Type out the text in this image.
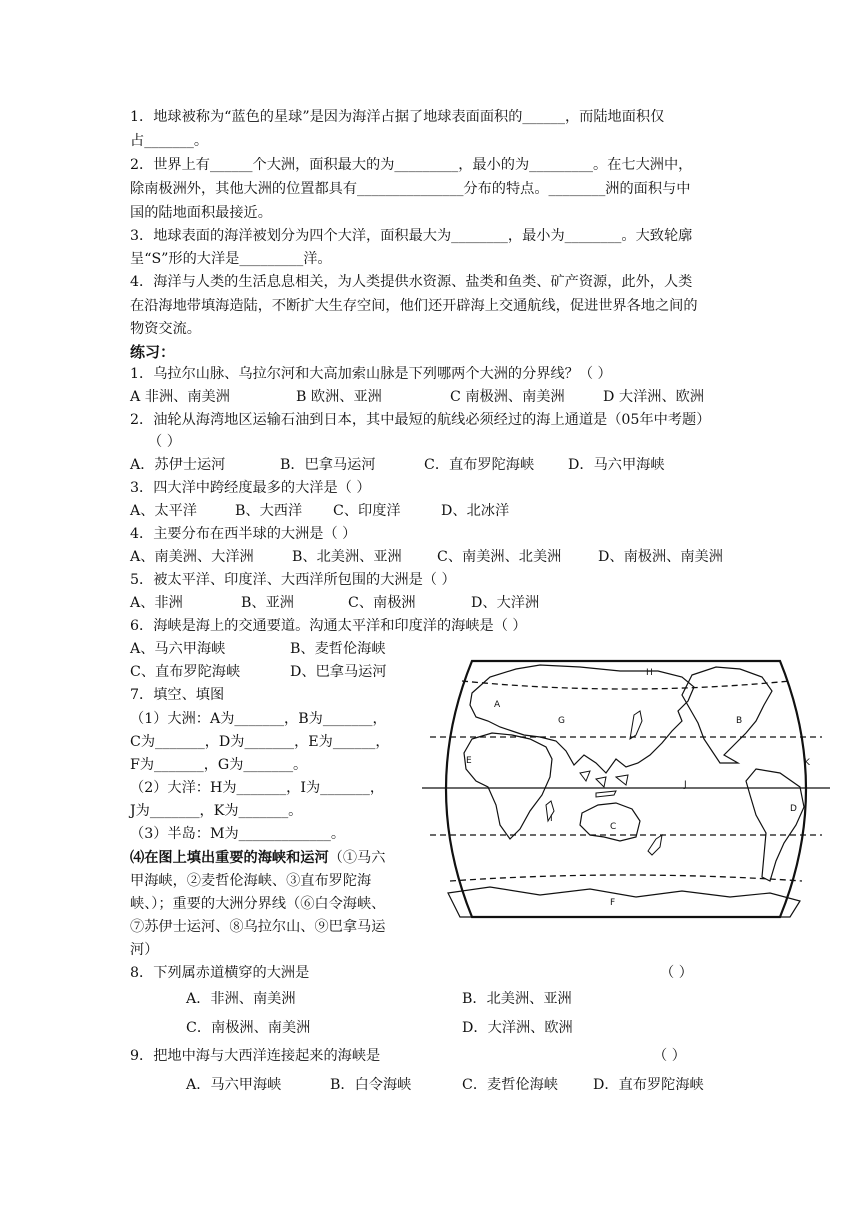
1．地球被称为“蓝色的星球”是因为海洋占据了地球表面面积的______，而陆地面积仅
占_______。
2．世界上有______个大洲，面积最大的为_________，最小的为_________。在七大洲中，
除南极洲外，其他大洲的位置都具有_______________分布的特点。________洲的面积与中
国的陆地面积最接近。
3．地球表面的海洋被划分为四个大洋，面积最大为________，最小为________。大致轮廓
呈“S”形的大洋是_________洋。
4．海洋与人类的生活息息相关，为人类提供水资源、盐类和鱼类、矿产资源，此外，人类
在沿海地带填海造陆，不断扩大生存空间，他们还开辟海上交通航线，促进世界各地之间的
物资交流。
练习：
1．乌拉尔山脉、乌拉尔河和大高加索山脉是下列哪两个大洲的分界线？（ ）
A 非洲、南美洲	B 欧洲、亚洲	C 南极洲、南美洲	D 大洋洲、欧洲
2．油轮从海湾地区运输石油到日本，其中最短的航线必须经过的海上通道是（05年中考题）
（ ）
A．苏伊士运河	B．巴拿马运河	C．直布罗陀海峡 D．马六甲海峡
3．四大洋中跨经度最多的大洋是（ ）
A、太平洋	B、大西洋 C、印度洋	D、北冰洋
4．主要分布在西半球的大洲是（ ）
A、南美洲、大洋洲	B、北美洲、亚洲 C、南美洲、北美洲	D、南极洲、南美洲
5．被太平洋、印度洋、大西洋所包围的大洲是（ ）
A、非洲	B、亚洲	C、南极洲	D、大洋洲
6．海峡是海上的交通要道。沟通太平洋和印度洋的海峡是（ ）
A、马六甲海峡	B、麦哲伦海峡
C、直布罗陀海峡	D、巴拿马运河
7．填空、填图
（1）大洲：A为_______，B为_______，
C为_______，D为_______，E为______，
F为_______，G为_______。
（2）大洋：H为_______，I为_______，
J为_______，K为_______。
（3）半岛：M为_____________。
⑷在图上填出重要的海峡和运河（①马六
甲海峡，②麦哲伦海峡、③直布罗陀海
峡、）；重要的大洲分界线（⑥白令海峡、
⑦苏伊士运河、⑧乌拉尔山、⑨巴拿马运
河）
A
B
C
D
E
F
G
H
I
J
K
8．下列属赤道横穿的大洲是	（ ）
A．非洲、南美洲	B．北美洲、亚洲
C．南极洲、南美洲	D．大洋洲、欧洲
9．把地中海与大西洋连接起来的海峡是	（ ）
A．马六甲海峡	B．白令海峡	C．麦哲伦海峡 D．直布罗陀海峡
